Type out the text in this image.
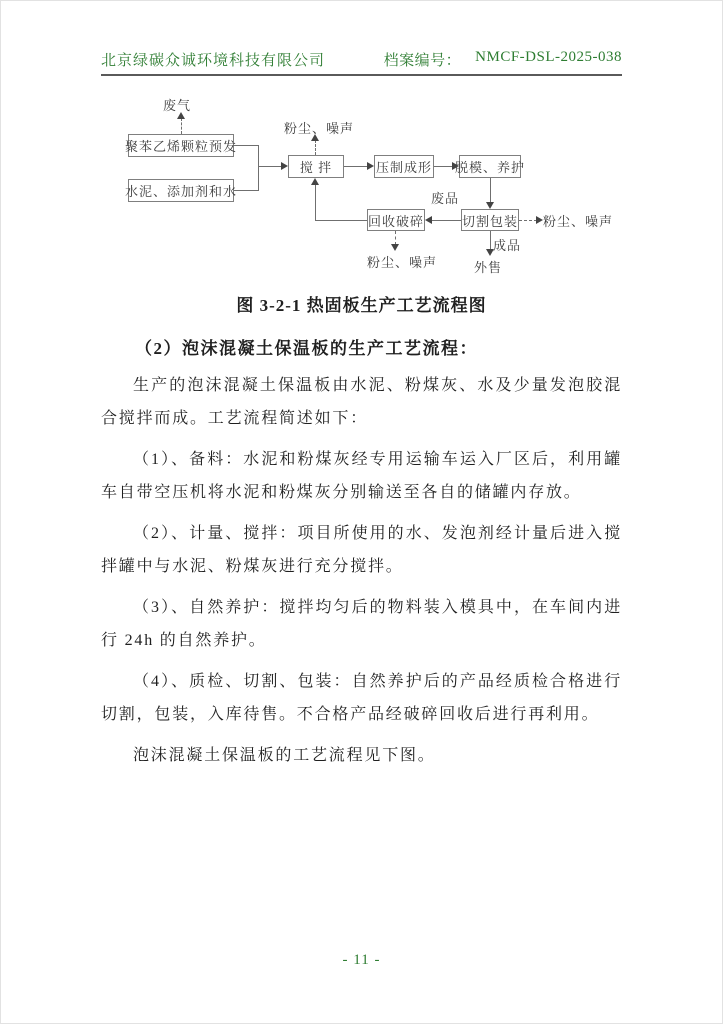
北京绿碳众诚环境科技有限公司	档案编号： NMCF-DSL-2025-038
聚苯乙烯颗粒预发
水泥、添加剂和水
搅 拌	压制成形 脱模、养护
回收破碎	切割包装
废气
粉尘、噪声
粉尘、噪声
粉尘、噪声
废品
成品
外售
图 3-2-1 热固板生产工艺流程图
（2）泡沫混凝土保温板的生产工艺流程：

生产的泡沫混凝土保温板由水泥、粉煤灰、水及少量发泡胶混合搅拌而成。工艺流程简述如下：

（1）、备料：水泥和粉煤灰经专用运输车运入厂区后，利用罐车自带空压机将水泥和粉煤灰分别输送至各自的储罐内存放。

（2）、计量、搅拌：项目所使用的水、发泡剂经计量后进入搅拌罐中与水泥、粉煤灰进行充分搅拌。

（3）、自然养护：搅拌均匀后的物料装入模具中，在车间内进行 24h 的自然养护。

（4）、质检、切割、包装：自然养护后的产品经质检合格进行切割，包装，入库待售。不合格产品经破碎回收后进行再利用。

泡沫混凝土保温板的工艺流程见下图。

- 11 -
